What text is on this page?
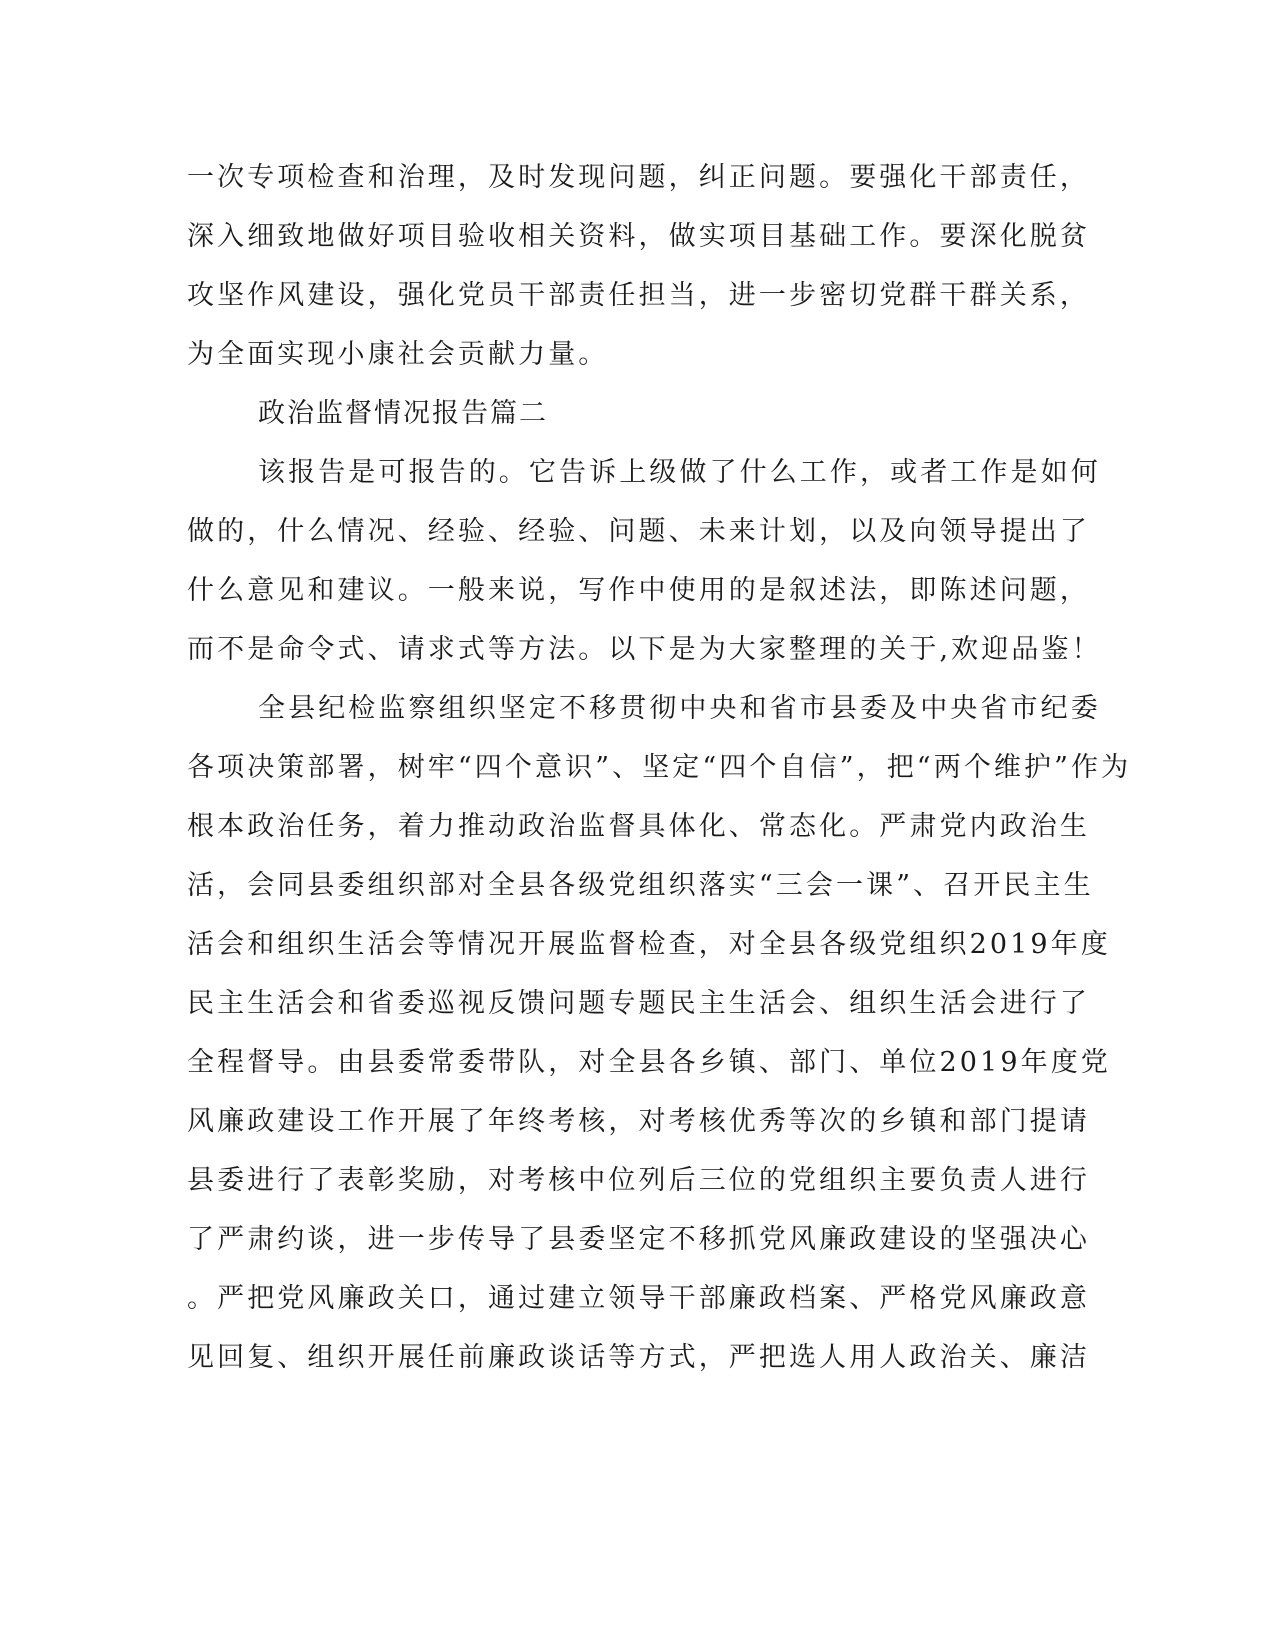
一次专项检查和治理，及时发现问题，纠正问题。要强化干部责任，
深入细致地做好项目验收相关资料，做实项目基础工作。要深化脱贫
攻坚作风建设，强化党员干部责任担当，进一步密切党群干群关系，
为全面实现小康社会贡献力量。
政治监督情况报告篇二
该报告是可报告的。它告诉上级做了什么工作，或者工作是如何
做的，什么情况、经验、经验、问题、未来计划，以及向领导提出了
什么意见和建议。一般来说，写作中使用的是叙述法，即陈述问题，
而不是命令式、请求式等方法。以下是为大家整理的关于,欢迎品鉴！
全县纪检监察组织坚定不移贯彻中央和省市县委及中央省市纪委
各项决策部署，树牢“四个意识”、坚定“四个自信”，把“两个维护”作为
根本政治任务，着力推动政治监督具体化、常态化。严肃党内政治生
活，会同县委组织部对全县各级党组织落实“三会一课”、召开民主生
活会和组织生活会等情况开展监督检查，对全县各级党组织2019年度
民主生活会和省委巡视反馈问题专题民主生活会、组织生活会进行了
全程督导。由县委常委带队，对全县各乡镇、部门、单位2019年度党
风廉政建设工作开展了年终考核，对考核优秀等次的乡镇和部门提请
县委进行了表彰奖励，对考核中位列后三位的党组织主要负责人进行
了严肃约谈，进一步传导了县委坚定不移抓党风廉政建设的坚强决心
。严把党风廉政关口，通过建立领导干部廉政档案、严格党风廉政意
见回复、组织开展任前廉政谈话等方式，严把选人用人政治关、廉洁
